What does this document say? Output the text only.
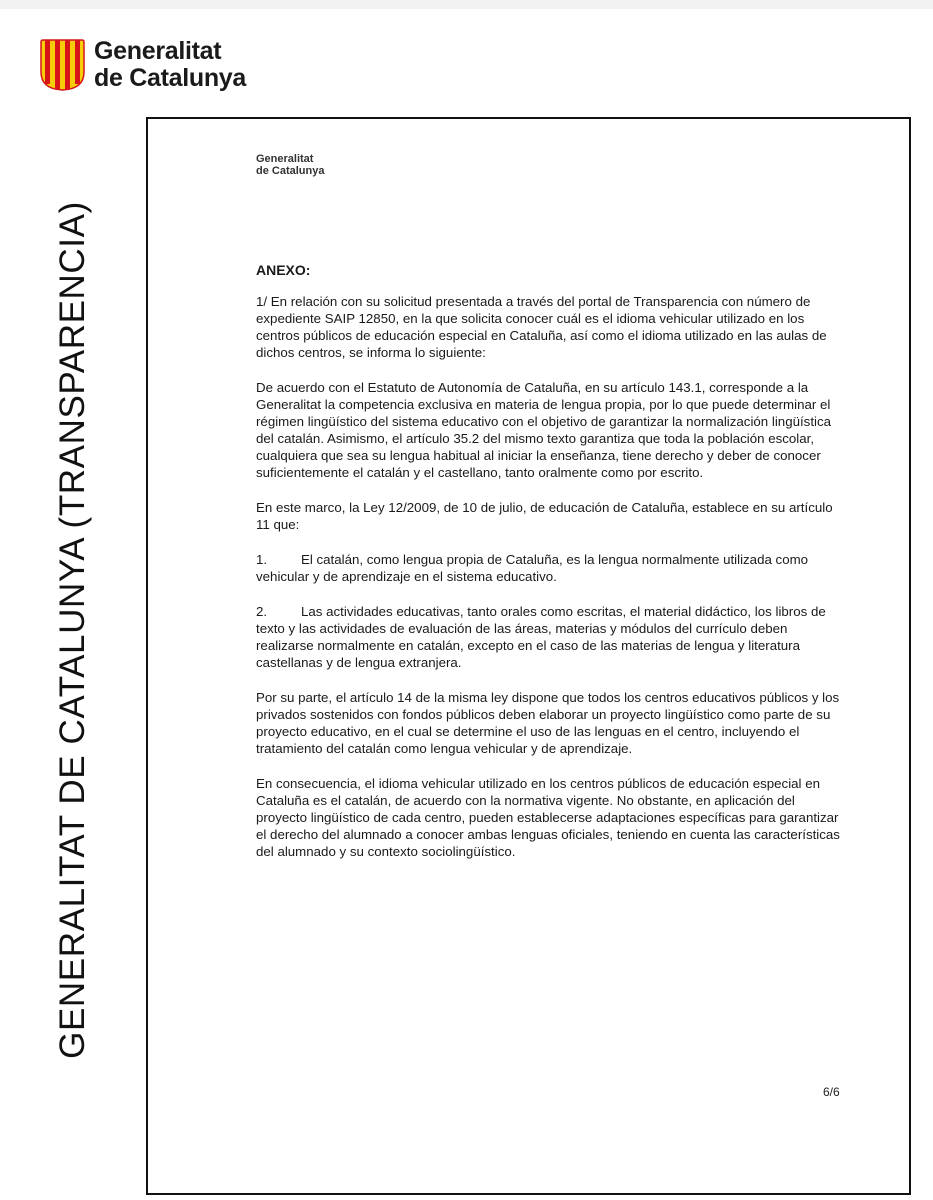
Generalitat
de Catalunya
GENERALITAT DE CATALUNYA (TRANSPARENCIA)
Generalitat
de Catalunya

ANEXO:

1/ En relación con su solicitud presentada a través del portal de Transparencia con número de expediente SAIP 12850, en la que solicita conocer cuál es el idioma vehicular utilizado en los centros públicos de educación especial en Cataluña, así como el idioma utilizado en las aulas de dichos centros, se informa lo siguiente:

De acuerdo con el Estatuto de Autonomía de Cataluña, en su artículo 143.1, corresponde a la Generalitat la competencia exclusiva en materia de lengua propia, por lo que puede determinar el régimen lingüístico del sistema educativo con el objetivo de garantizar la normalización lingüística del catalán. Asimismo, el artículo 35.2 del mismo texto garantiza que toda la población escolar, cualquiera que sea su lengua habitual al iniciar la enseñanza, tiene derecho y deber de conocer suficientemente el catalán y el castellano, tanto oralmente como por escrito.

En este marco, la Ley 12/2009, de 10 de julio, de educación de Cataluña, establece en su artículo 11 que:

1.	El catalán, como lengua propia de Cataluña, es la lengua normalmente utilizada como vehicular y de aprendizaje en el sistema educativo.

2.	Las actividades educativas, tanto orales como escritas, el material didáctico, los libros de texto y las actividades de evaluación de las áreas, materias y módulos del currículo deben realizarse normalmente en catalán, excepto en el caso de las materias de lengua y literatura castellanas y de lengua extranjera.

Por su parte, el artículo 14 de la misma ley dispone que todos los centros educativos públicos y los privados sostenidos con fondos públicos deben elaborar un proyecto lingüístico como parte de su proyecto educativo, en el cual se determine el uso de las lenguas en el centro, incluyendo el tratamiento del catalán como lengua vehicular y de aprendizaje.

En consecuencia, el idioma vehicular utilizado en los centros públicos de educación especial en Cataluña es el catalán, de acuerdo con la normativa vigente. No obstante, en aplicación del proyecto lingüístico de cada centro, pueden establecerse adaptaciones específicas para garantizar el derecho del alumnado a conocer ambas lenguas oficiales, teniendo en cuenta las características del alumnado y su contexto sociolingüístico.

6/6
